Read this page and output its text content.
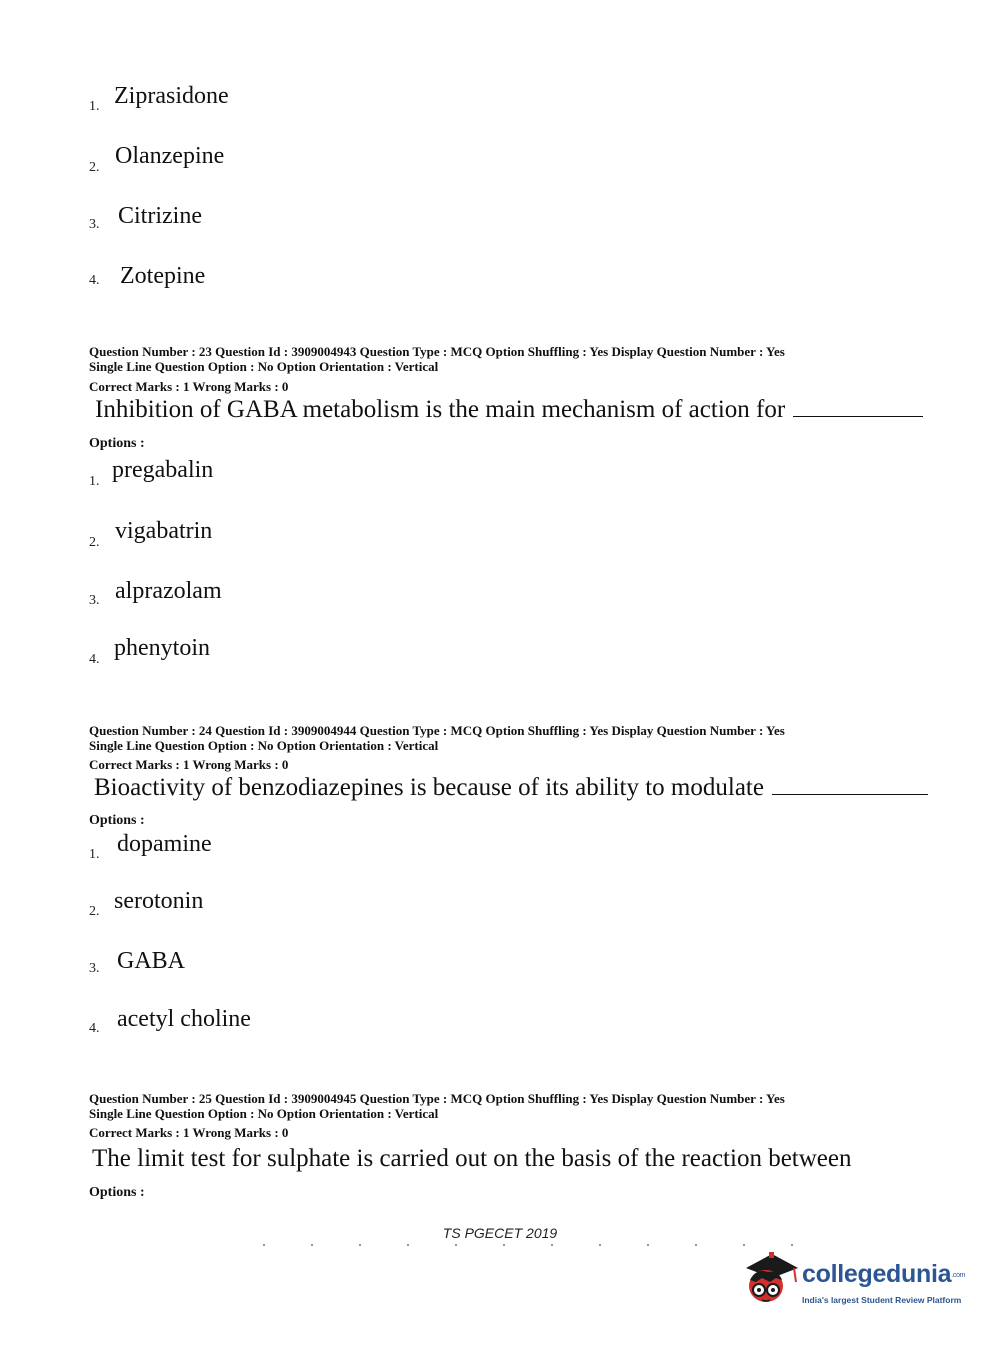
1. Ziprasidone
2. Olanzepine
3. Citrizine
4. Zotepine
Question Number : 23 Question Id : 3909004943 Question Type : MCQ Option Shuffling : Yes Display Question Number : Yes
Single Line Question Option : No Option Orientation : Vertical
Correct Marks : 1 Wrong Marks : 0
Inhibition of GABA metabolism is the main mechanism of action for
Options :
1. pregabalin
2. vigabatrin
3. alprazolam
4. phenytoin
Question Number : 24 Question Id : 3909004944 Question Type : MCQ Option Shuffling : Yes Display Question Number : Yes
Single Line Question Option : No Option Orientation : Vertical
Correct Marks : 1 Wrong Marks : 0
Bioactivity of benzodiazepines is because of its ability to modulate
Options :
1. dopamine
2. serotonin
3. GABA
4. acetyl choline
Question Number : 25 Question Id : 3909004945 Question Type : MCQ Option Shuffling : Yes Display Question Number : Yes
Single Line Question Option : No Option Orientation : Vertical
Correct Marks : 1 Wrong Marks : 0
The limit test for sulphate is carried out on the basis of the reaction between
Options :
TS PGECET 2019
collegedunia.com
India's largest Student Review Platform
